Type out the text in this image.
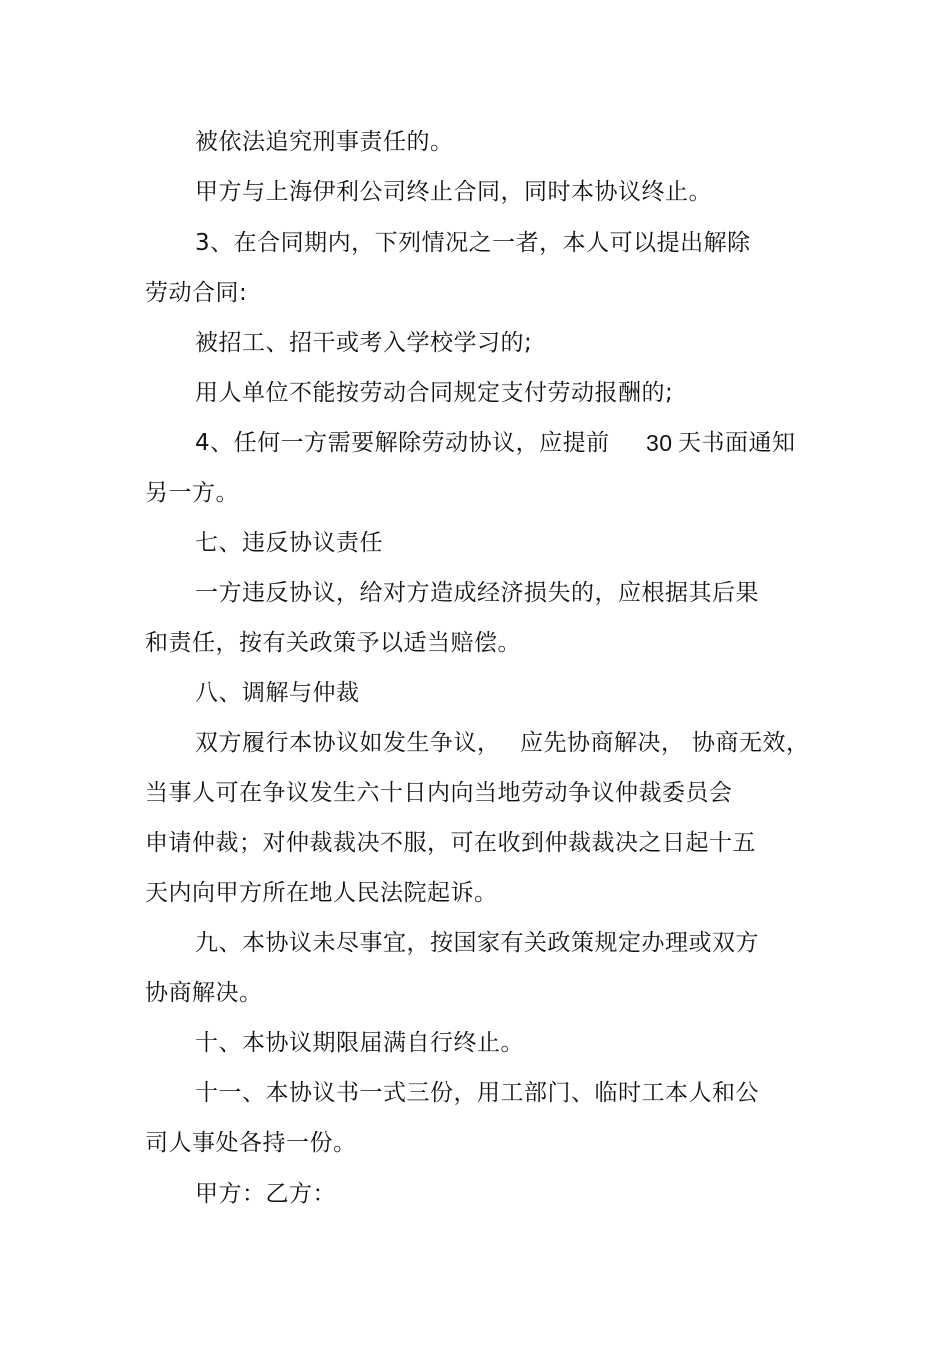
被依法追究刑事责任的。
甲方与上海伊利公司终止合同，同时本协议终止。
3、在合同期内，下列情况之一者，本人可以提出解除
劳动合同:
被招工、招干或考入学校学习的;
用人单位不能按劳动合同规定支付劳动报酬的;
4、任何一方需要解除劳动协议，应提前 30 天书面通知
另一方。
七、违反协议责任
一方违反协议，给对方造成经济损失的，应根据其后果
和责任，按有关政策予以适当赔偿。
八、调解与仲裁
双方履行本协议如发生争议， 应先协商解决， 协商无效，
当事人可在争议发生六十日内向当地劳动争议仲裁委员会
申请仲裁；对仲裁裁决不服，可在收到仲裁裁决之日起十五
天内向甲方所在地人民法院起诉。
九、本协议未尽事宜，按国家有关政策规定办理或双方
协商解决。
十、本协议期限届满自行终止。
十一、本协议书一式三份，用工部门、临时工本人和公
司人事处各持一份。
甲方：乙方：
